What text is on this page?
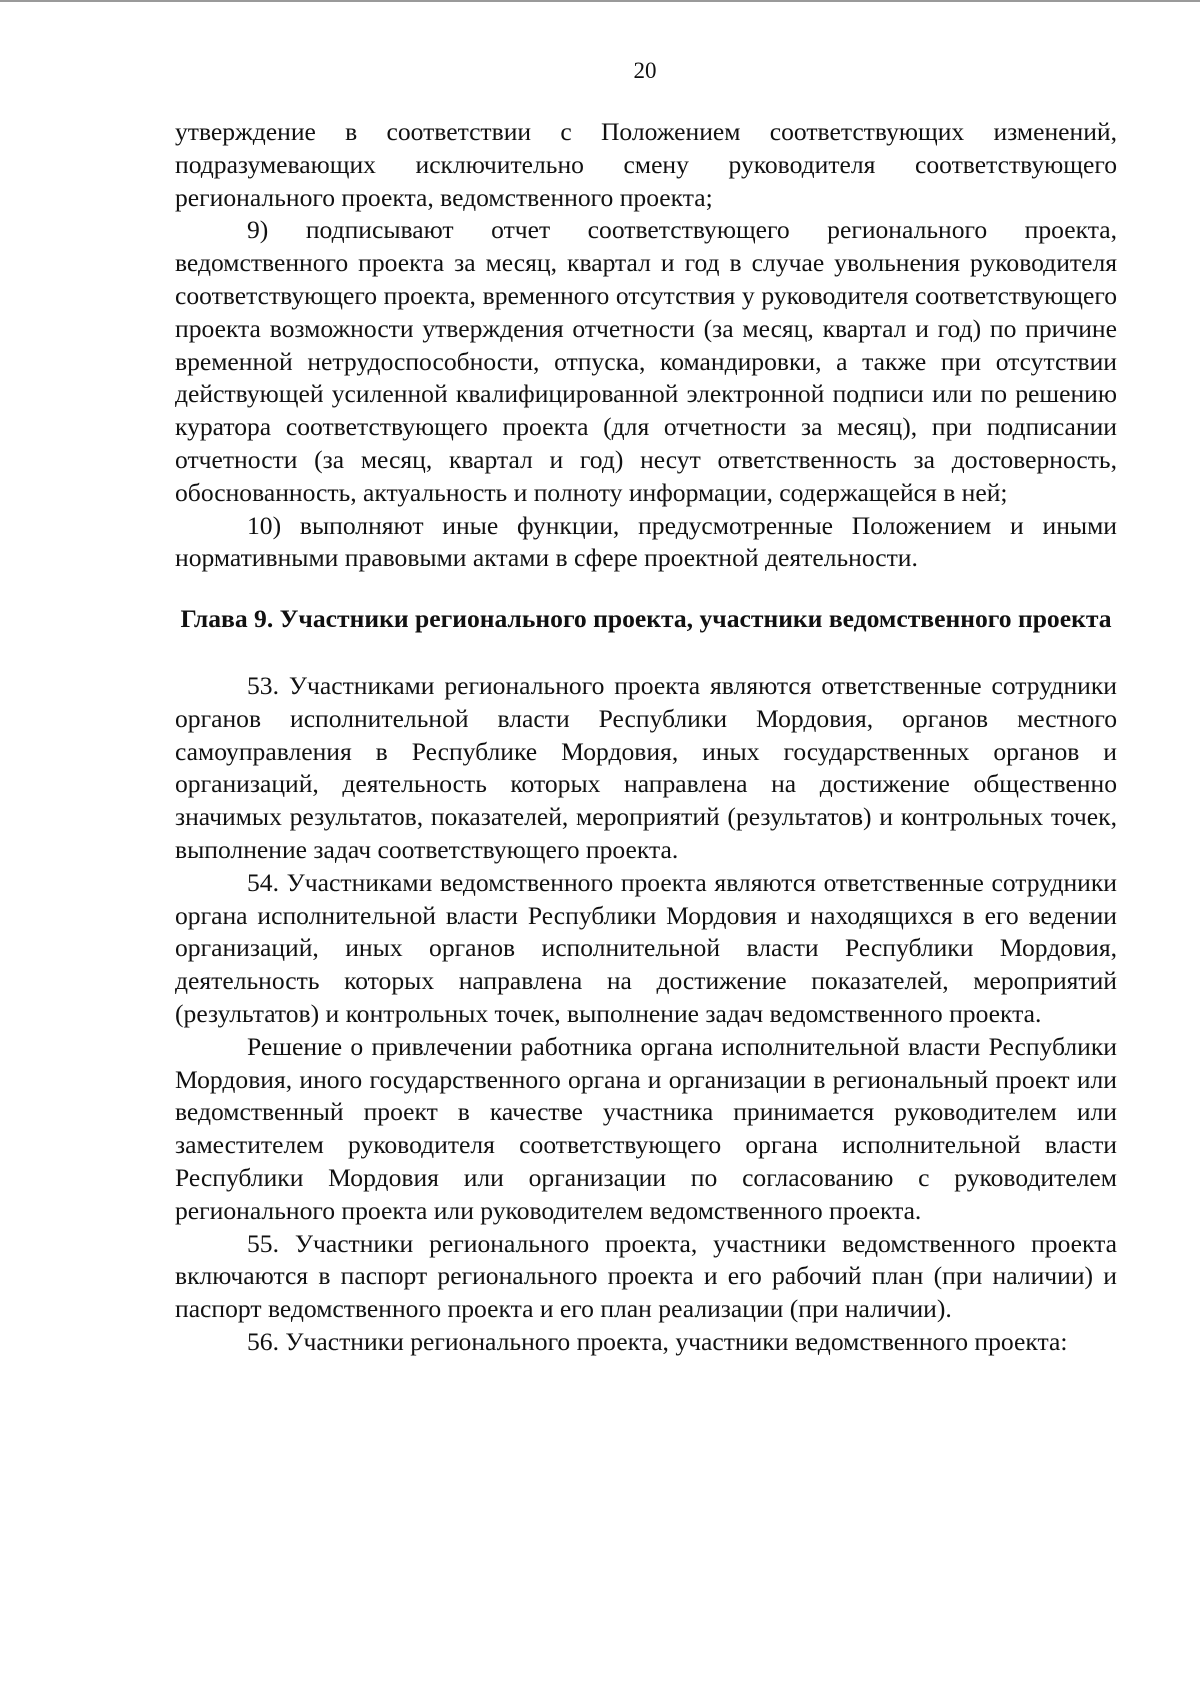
20

утверждение в соответствии с Положением соответствующих изменений, подразумевающих исключительно смену руководителя соответствующего регионального проекта, ведомственного проекта;

9) подписывают отчет соответствующего регионального проекта, ведомственного проекта за месяц, квартал и год в случае увольнения руководителя соответствующего проекта, временного отсутствия у руководителя соответствующего проекта возможности утверждения отчетности (за месяц, квартал и год) по причине временной нетрудоспособности, отпуска, командировки, а также при отсутствии действующей усиленной квалифицированной электронной подписи или по решению куратора соответствующего проекта (для отчетности за месяц), при подписании отчетности (за месяц, квартал и год) несут ответственность за достоверность, обоснованность, актуальность и полноту информации, содержащейся в ней;

10) выполняют иные функции, предусмотренные Положением и иными нормативными правовыми актами в сфере проектной деятельности.

Глава 9. Участники регионального проекта, участники ведомственного проекта

53. Участниками регионального проекта являются ответственные сотрудники органов исполнительной власти Республики Мордовия, органов местного самоуправления в Республике Мордовия, иных государственных органов и организаций, деятельность которых направлена на достижение общественно значимых результатов, показателей, мероприятий (результатов) и контрольных точек, выполнение задач соответствующего проекта.

54. Участниками ведомственного проекта являются ответственные сотрудники органа исполнительной власти Республики Мордовия и находящихся в его ведении организаций, иных органов исполнительной власти Республики Мордовия, деятельность которых направлена на достижение показателей, мероприятий (результатов) и контрольных точек, выполнение задач ведомственного проекта.

Решение о привлечении работника органа исполнительной власти Республики Мордовия, иного государственного органа и организации в региональный проект или ведомственный проект в качестве участника принимается руководителем или заместителем руководителя соответствующего органа исполнительной власти Республики Мордовия или организации по согласованию с руководителем регионального проекта или руководителем ведомственного проекта.

55. Участники регионального проекта, участники ведомственного проекта включаются в паспорт регионального проекта и его рабочий план (при наличии) и паспорт ведомственного проекта и его план реализации (при наличии).

56. Участники регионального проекта, участники ведомственного проекта:
